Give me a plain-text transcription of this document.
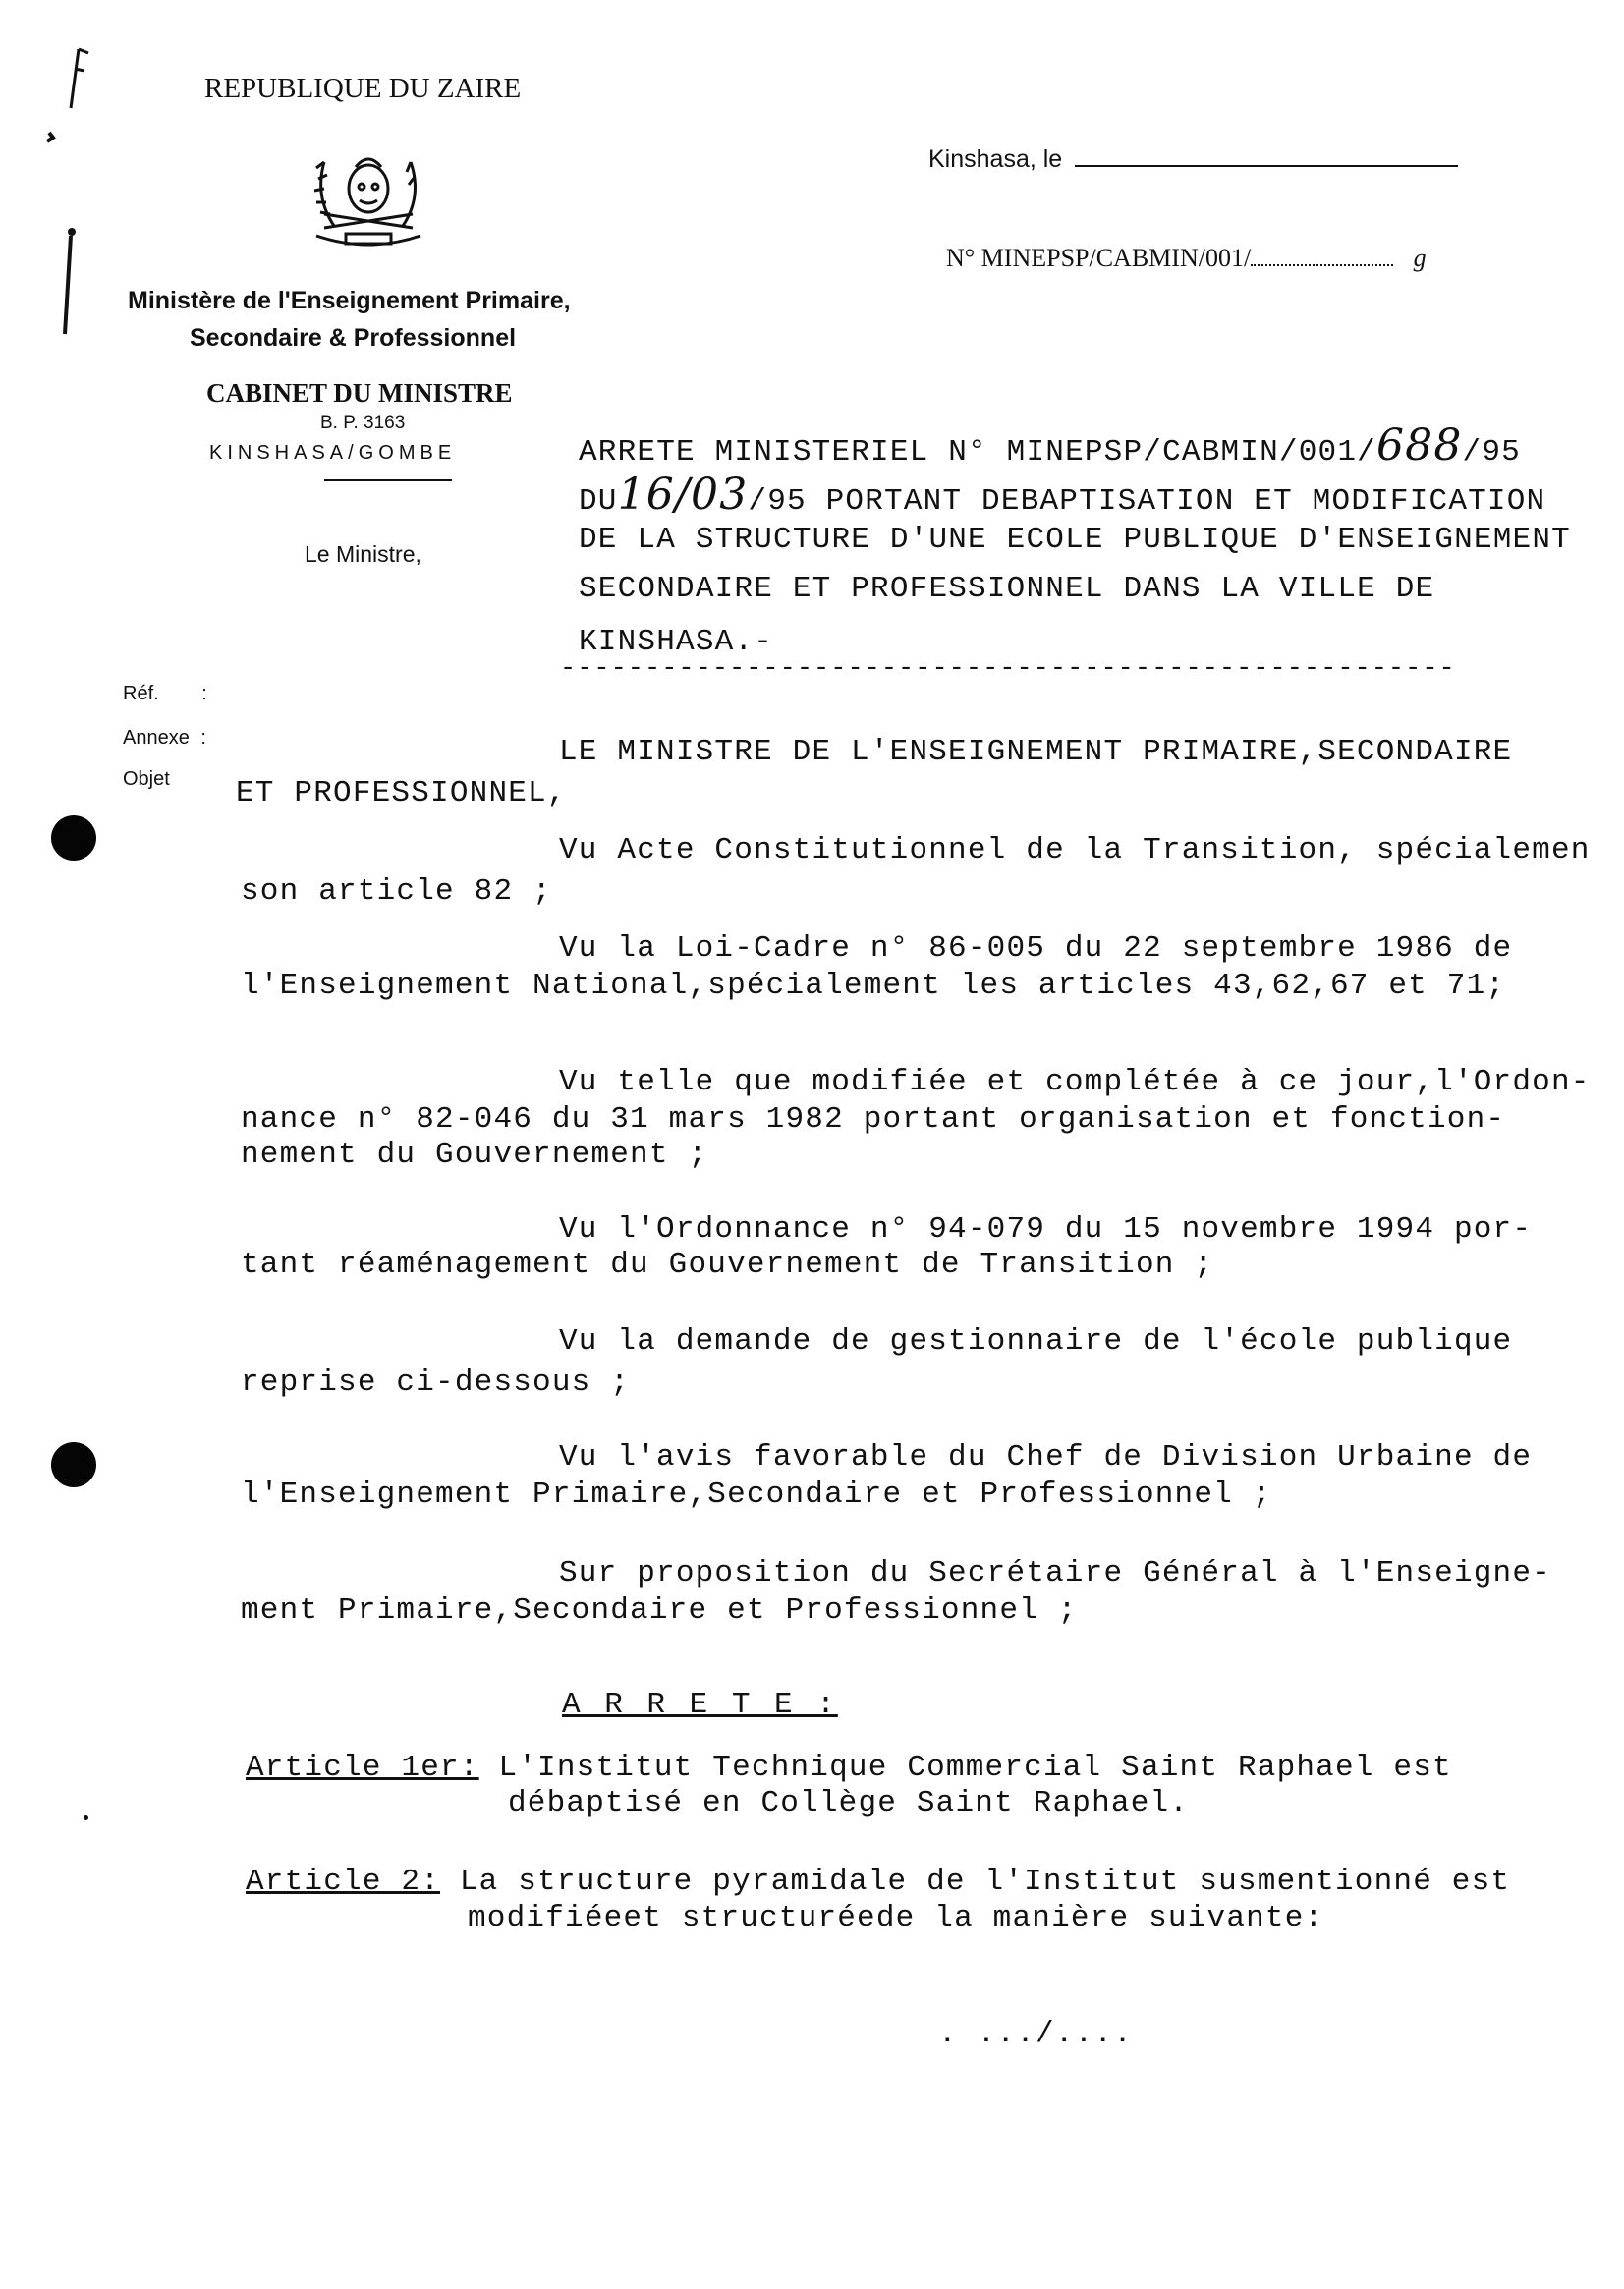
REPUBLIQUE DU ZAIRE
Ministère de l'Enseignement Primaire,
Secondaire & Professionnel
CABINET DU MINISTRE
B. P. 3163
KINSHASA/GOMBE
Le Ministre,
Kinshasa, le
N° MINEPSP/CABMIN/001/	g
Réf. :
Annexe :
Objet
ARRETE MINISTERIEL N° MINEPSP/CABMIN/001/688/95
DU16/03/95 PORTANT DEBAPTISATION ET MODIFICATION
DE LA STRUCTURE D'UNE ECOLE PUBLIQUE D'ENSEIGNEMENT
SECONDAIRE ET PROFESSIONNEL DANS LA VILLE DE
KINSHASA.-
-----------------------------------------------------
LE MINISTRE DE L'ENSEIGNEMENT PRIMAIRE,SECONDAIRE
ET PROFESSIONNEL,
Vu Acte Constitutionnel de la Transition, spécialemen
son article 82 ;
Vu la Loi-Cadre n° 86-005 du 22 septembre 1986 de
l'Enseignement National,spécialement les articles 43,62,67 et 71;
Vu telle que modifiée et complétée à ce jour,l'Ordon-
nance n° 82-046 du 31 mars 1982 portant organisation et fonction-
nement du Gouvernement ;
Vu l'Ordonnance n° 94-079 du 15 novembre 1994 por-
tant réaménagement du Gouvernement de Transition ;
Vu la demande de gestionnaire de l'école publique
reprise ci-dessous ;
Vu l'avis favorable du Chef de Division Urbaine de
l'Enseignement Primaire,Secondaire et Professionnel ;
Sur proposition du Secrétaire Général à l'Enseigne-
ment Primaire,Secondaire et Professionnel ;
A R R E T E :
Article 1er: L'Institut Technique Commercial Saint Raphael est
débaptisé en Collège Saint Raphael.
Article 2: La structure pyramidale de l'Institut susmentionné est
modifiéeet structuréede la manière suivante:
. .../....
